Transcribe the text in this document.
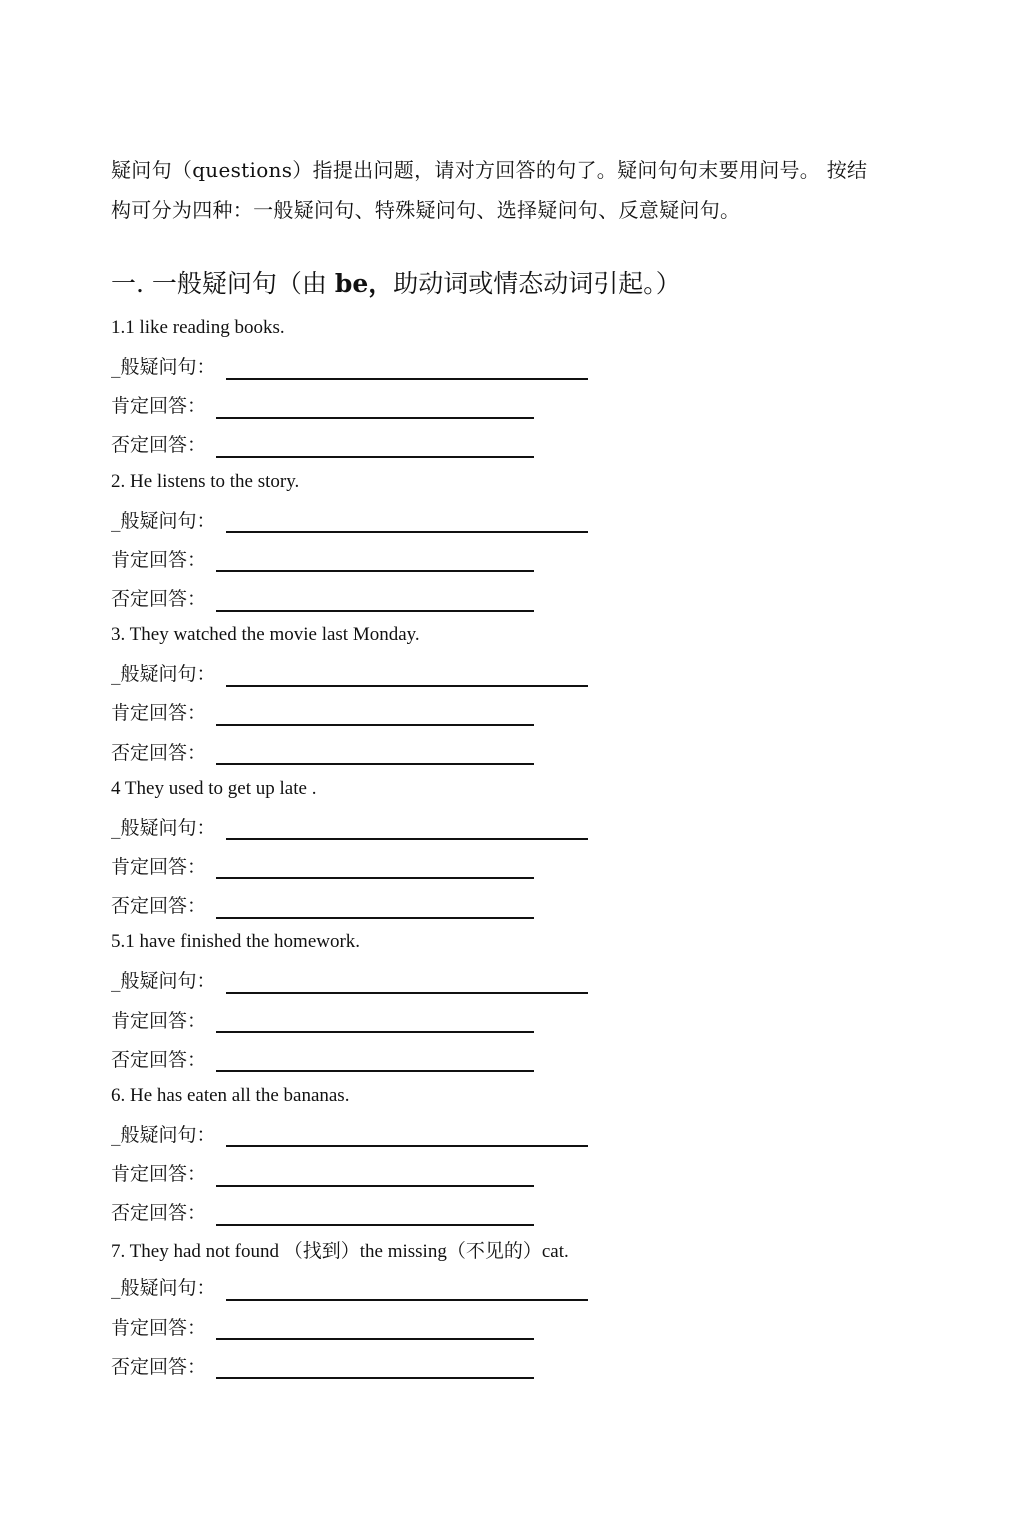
疑问句（questions）指提出问题，请对方回答的句了。疑问句句末要用问号。 按结

构可分为四种：一般疑问句、特殊疑问句、选择疑问句、反意疑问句。

一. 一般疑问句（由 be，助动词或情态动词引起。）
1.1 like reading books.
_般疑问句：
肯定回答：
否定回答：
2. He listens to the story.
_般疑问句：
肯定回答：
否定回答：
3. They watched the movie last Monday.
_般疑问句：
肯定回答：
否定回答：
4 They used to get up late .
_般疑问句：
肯定回答：
否定回答：
5.1 have finished the homework.
_般疑问句：
肯定回答：
否定回答：
6. He has eaten all the bananas.
_般疑问句：
肯定回答：
否定回答：
7. They had not found （找到）the missing（不见的）cat.
_般疑问句：
肯定回答：
否定回答：
